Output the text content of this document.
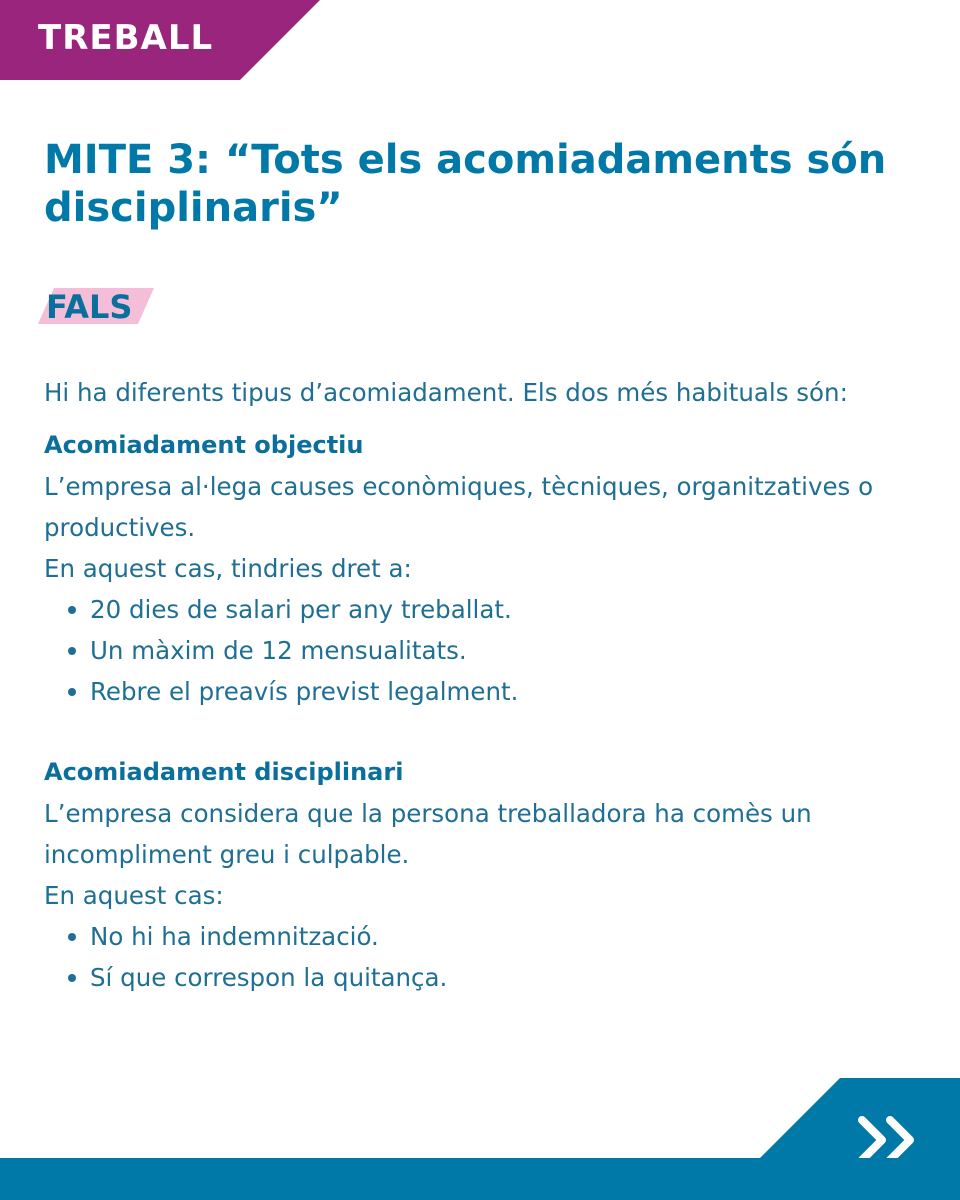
TREBALL
MITE 3: “Tots els acomiadaments són disciplinaris”

FALS

Hi ha diferents tipus d’acomiadament. Els dos més habituals són:

Acomiadament objectiu

L’empresa al·lega causes econòmiques, tècniques, organitzatives o productives.

En aquest cas, tindries dret a:

20 dies de salari per any treballat.
Un màxim de 12 mensualitats.
Rebre el preavís previst legalment.

Acomiadament disciplinari

L’empresa considera que la persona treballadora ha comès un incompliment greu i culpable.

En aquest cas:

No hi ha indemnització.
Sí que correspon la quitança.
